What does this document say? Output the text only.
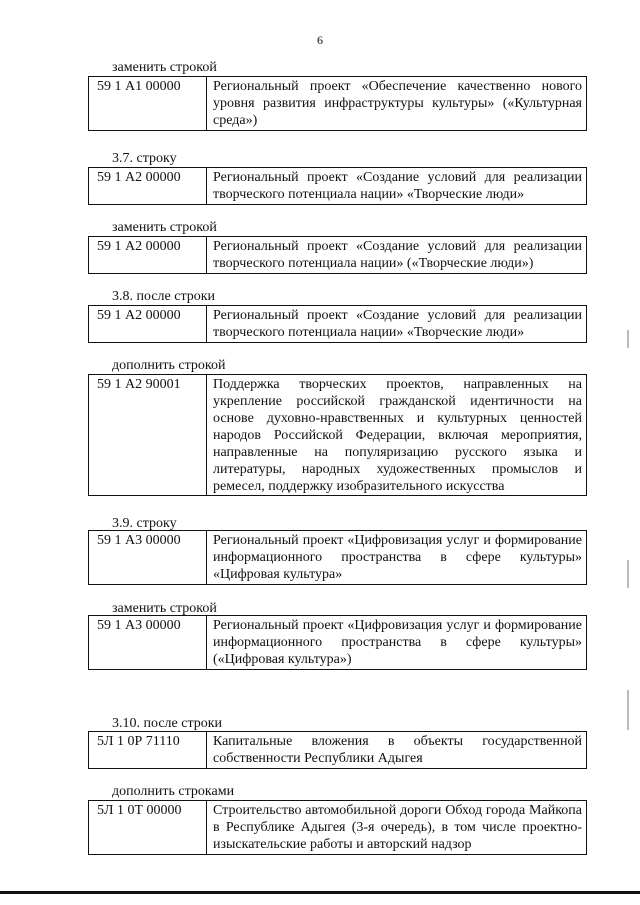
6
заменить строкой
59 1 А1 00000	Региональный проект «Обеспечение качественно нового уровня развития инфраструктуры культуры» («Культурная среда»)
3.7. строку
59 1 А2 00000	Региональный проект «Создание условий для реализации творческого потенциала нации» «Творческие люди»
заменить строкой
59 1 А2 00000	Региональный проект «Создание условий для реализации творческого потенциала нации» («Творческие люди»)
3.8. после строки
59 1 А2 00000	Региональный проект «Создание условий для реализации творческого потенциала нации» «Творческие люди»
дополнить строкой
59 1 А2 90001	Поддержка творческих проектов, направленных на укрепление российской гражданской идентичности на основе духовно-нравственных и культурных ценностей народов Российской Федерации, включая мероприятия, направленные на популяризацию русского языка и литературы, народных художественных промыслов и ремесел, поддержку изобразительного искусства
3.9. строку
59 1 А3 00000	Региональный проект «Цифровизация услуг и формирование информационного пространства в сфере культуры» «Цифровая культура»
заменить строкой
59 1 А3 00000	Региональный проект «Цифровизация услуг и формирование информационного пространства в сфере культуры» («Цифровая культура»)
3.10. после строки
5Л 1 0Р 71110	Капитальные вложения в объекты государственной собственности Республики Адыгея
дополнить строками
5Л 1 0Т 00000	Строительство автомобильной дороги Обход города Майкопа в Республике Адыгея (3-я очередь), в том числе проектно-изыскательские работы и авторский надзор
